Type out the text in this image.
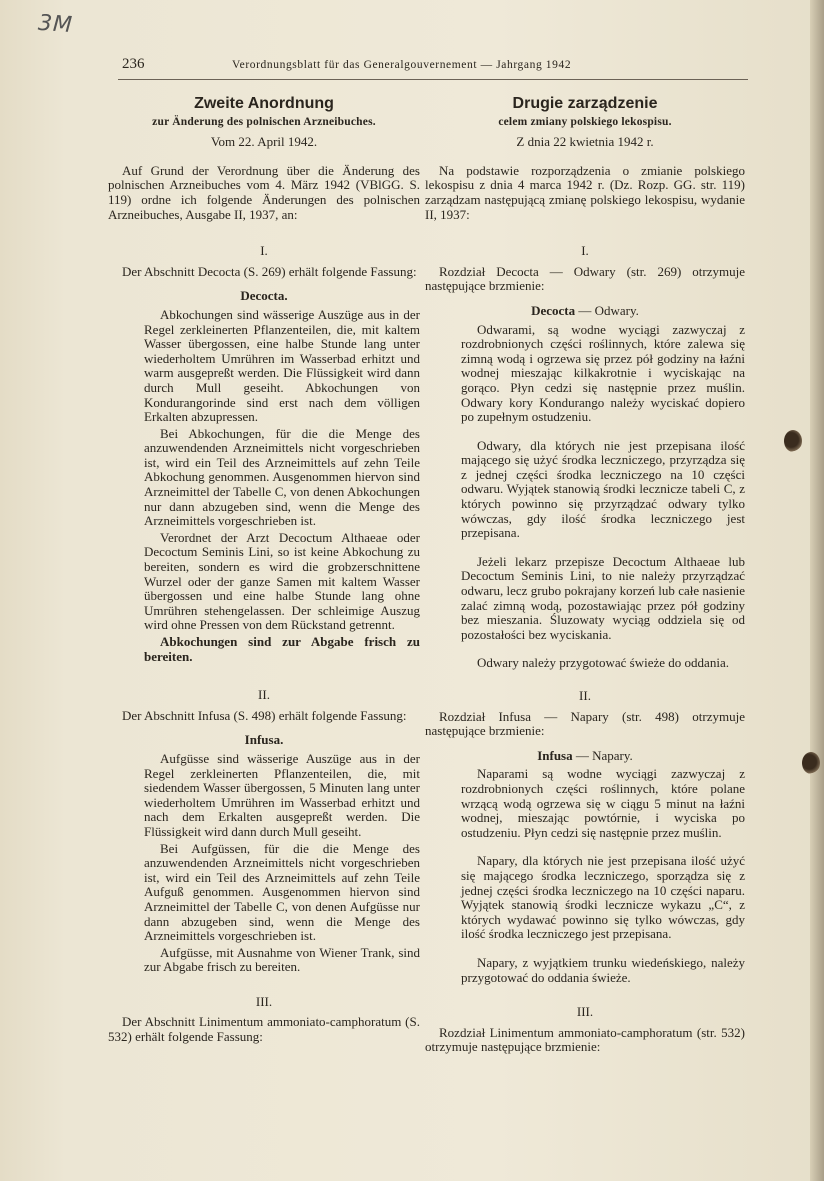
3M
236	Verordnungsblatt für das Generalgouvernement — Jahrgang 1942
Zweite Anordnung
zur Änderung des polnischen Arzneibuches.
Vom 22. April 1942.
Auf Grund der Verordnung über die Änderung des polnischen Arzneibuches vom 4. März 1942 (VBlGG. S. 119) ordne ich folgende Änderungen des polnischen Arzneibuches, Ausgabe II, 1937, an:
I.
Der Abschnitt Decocta (S. 269) erhält folgende Fassung:
Decocta.
Abkochungen sind wässerige Auszüge aus in der Regel zerkleinerten Pflanzenteilen, die, mit kaltem Wasser übergossen, eine halbe Stunde lang unter wiederholtem Umrühren im Wasserbad erhitzt und warm ausgepreßt werden. Die Flüssigkeit wird dann durch Mull geseiht. Abkochungen von Kondurangorinde sind erst nach dem völligen Erkalten abzupressen.
Bei Abkochungen, für die die Menge des anzuwendenden Arzneimittels nicht vorgeschrieben ist, wird ein Teil des Arzneimittels auf zehn Teile Abkochung genommen. Ausgenommen hiervon sind Arzneimittel der Tabelle C, von denen Abkochungen nur dann abzugeben sind, wenn die Menge des Arzneimittels vorgeschrieben ist.
Verordnet der Arzt Decoctum Althaeae oder Decoctum Seminis Lini, so ist keine Abkochung zu bereiten, sondern es wird die grobzerschnittene Wurzel oder der ganze Samen mit kaltem Wasser übergossen und eine halbe Stunde lang ohne Umrühren stehengelassen. Der schleimige Auszug wird ohne Pressen von dem Rückstand getrennt.
Abkochungen sind zur Abgabe frisch zu bereiten.
II.
Der Abschnitt Infusa (S. 498) erhält folgende Fassung:
Infusa.
Aufgüsse sind wässerige Auszüge aus in der Regel zerkleinerten Pflanzenteilen, die, mit siedendem Wasser übergossen, 5 Minuten lang unter wiederholtem Umrühren im Wasserbad erhitzt und nach dem Erkalten ausgepreßt werden. Die Flüssigkeit wird dann durch Mull geseiht.
Bei Aufgüssen, für die die Menge des anzuwendenden Arzneimittels nicht vorgeschrieben ist, wird ein Teil des Arzneimittels auf zehn Teile Aufguß genommen. Ausgenommen hiervon sind Arzneimittel der Tabelle C, von denen Aufgüsse nur dann abzugeben sind, wenn die Menge des Arzneimittels vorgeschrieben ist.
Aufgüsse, mit Ausnahme von Wiener Trank, sind zur Abgabe frisch zu bereiten.
III.
Der Abschnitt Linimentum ammoniato-camphoratum (S. 532) erhält folgende Fassung:
Drugie zarządzenie
celem zmiany polskiego lekospisu.
Z dnia 22 kwietnia 1942 r.
Na podstawie rozporządzenia o zmianie polskiego lekospisu z dnia 4 marca 1942 r. (Dz. Rozp. GG. str. 119) zarządzam następującą zmianę polskiego lekospisu, wydanie II, 1937:
I.
Rozdział Decocta — Odwary (str. 269) otrzymuje następujące brzmienie:
Decocta — Odwary.
Odwarami, są wodne wyciągi zazwyczaj z rozdrobnionych części roślinnych, które zalewa się zimną wodą i ogrzewa się przez pół godziny na łaźni wodnej mieszając kilkakrotnie i wyciskając na gorąco. Płyn cedzi się następnie przez muślin. Odwary kory Kondurango należy wyciskać dopiero po zupełnym ostudzeniu.
Odwary, dla których nie jest przepisana ilość mającego się użyć środka leczniczego, przyrządza się z jednej części środka leczniczego na 10 części odwaru. Wyjątek stanowią środki lecznicze tabeli C, z których powinno się przyrządzać odwary tylko wówczas, gdy ilość środka leczniczego jest przepisana.
Jeżeli lekarz przepisze Decoctum Althaeae lub Decoctum Seminis Lini, to nie należy przyrządzać odwaru, lecz grubo pokrajany korzeń lub całe nasienie zalać zimną wodą, pozostawiając przez pół godziny bez mieszania. Śluzowaty wyciąg oddziela się od pozostałości bez wyciskania.
Odwary należy przygotować świeże do oddania.
II.
Rozdział Infusa — Napary (str. 498) otrzymuje następujące brzmienie:
Infusa — Napary.
Naparami są wodne wyciągi zazwyczaj z rozdrobnionych części roślinnych, które polane wrzącą wodą ogrzewa się w ciągu 5 minut na łaźni wodnej, mieszając powtórnie, i wyciska po ostudzeniu. Płyn cedzi się następnie przez muślin.
Napary, dla których nie jest przepisana ilość użyć się mającego środka leczniczego, sporządza się z jednej części środka leczniczego na 10 części naparu. Wyjątek stanowią środki lecznicze wykazu „C“, z których wydawać powinno się tylko wówczas, gdy ilość środka leczniczego jest przepisana.
Napary, z wyjątkiem trunku wiedeńskiego, należy przygotować do oddania świeże.
III.
Rozdział Linimentum ammoniato-camphoratum (str. 532) otrzymuje następujące brzmienie:
